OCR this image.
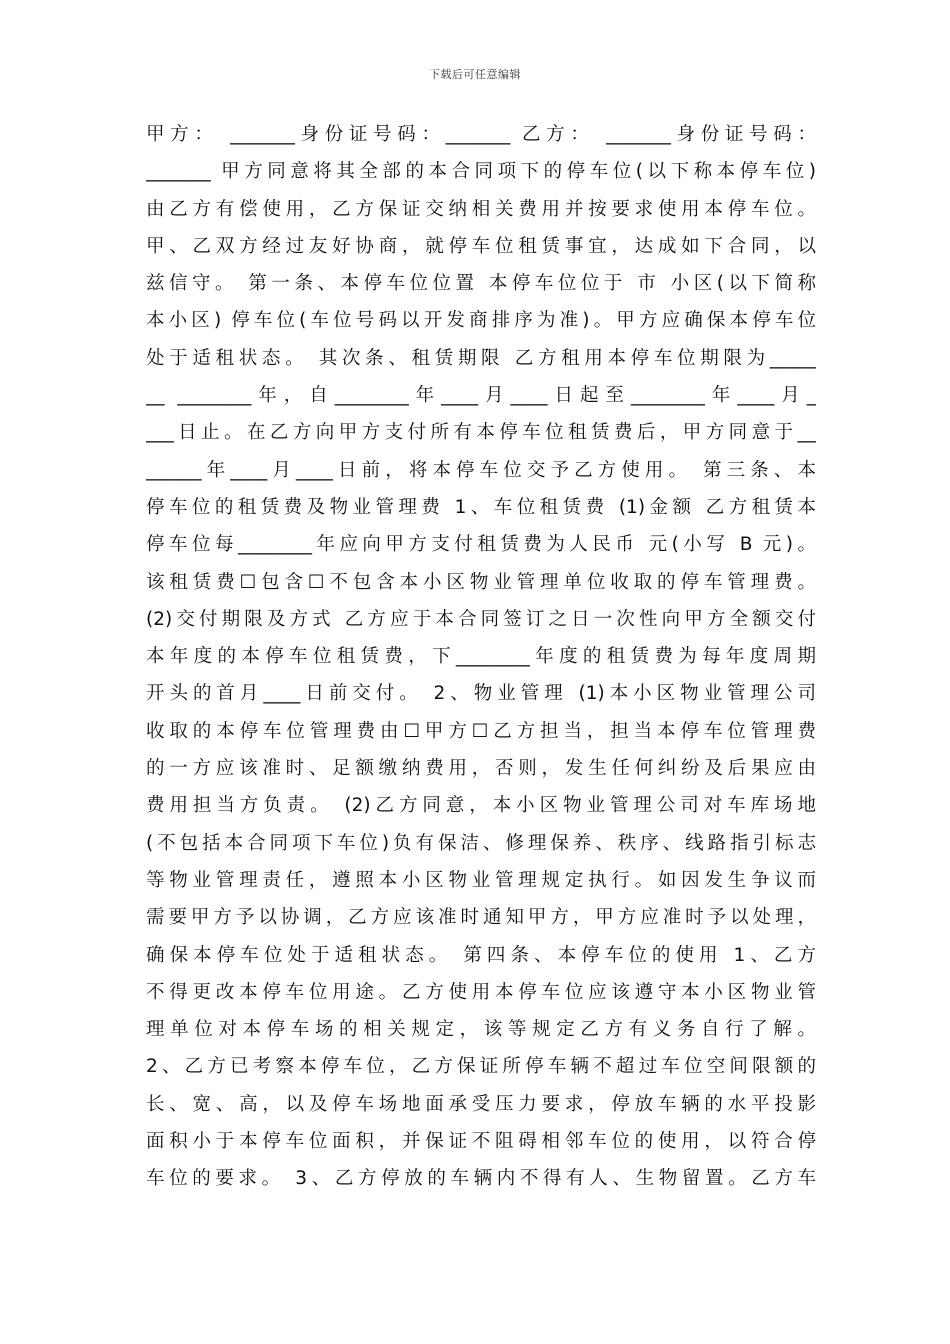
下载后可任意编辑
甲方： _______身份证号码：_______ 乙方： _______身份证号码：
_______ 甲方同意将其全部的本合同项下的停车位(以下称本停车位)
由乙方有偿使用，乙方保证交纳相关费用并按要求使用本停车位。
甲、乙双方经过友好协商，就停车位租赁事宜，达成如下合同，以
兹信守。 第一条、本停车位位置 本停车位位于 市 小区(以下简称
本小区) 停车位(车位号码以开发商排序为准)。甲方应确保本停车位
处于适租状态。 其次条、租赁期限 乙方租用本停车位期限为_____
__ ________年，自________年____月____日起至________年____月_
___日止。在乙方向甲方支付所有本停车位租赁费后，甲方同意于__
______年____月____日前，将本停车位交予乙方使用。 第三条、本
停车位的租赁费及物业管理费 1、车位租赁费 (1)金额 乙方租赁本
停车位每________年应向甲方支付租赁费为人民币 元(小写 B 元)。
该租赁费☐包含☐不包含本小区物业管理单位收取的停车管理费。
(2)交付期限及方式 乙方应于本合同签订之日一次性向甲方全额交付
本年度的本停车位租赁费，下________年度的租赁费为每年度周期
开头的首月____日前交付。 2、物业管理 (1)本小区物业管理公司
收取的本停车位管理费由☐甲方☐乙方担当，担当本停车位管理费
的一方应该准时、足额缴纳费用，否则，发生任何纠纷及后果应由
费用担当方负责。 (2)乙方同意，本小区物业管理公司对车库场地
(不包括本合同项下车位)负有保洁、修理保养、秩序、线路指引标志
等物业管理责任，遵照本小区物业管理规定执行。如因发生争议而
需要甲方予以协调，乙方应该准时通知甲方，甲方应准时予以处理，
确保本停车位处于适租状态。 第四条、本停车位的使用 1、乙方
不得更改本停车位用途。乙方使用本停车位应该遵守本小区物业管
理单位对本停车场的相关规定，该等规定乙方有义务自行了解。
2、乙方已考察本停车位，乙方保证所停车辆不超过车位空间限额的
长、宽、高，以及停车场地面承受压力要求，停放车辆的水平投影
面积小于本停车位面积，并保证不阻碍相邻车位的使用，以符合停
车位的要求。 3、乙方停放的车辆内不得有人、生物留置。乙方车
